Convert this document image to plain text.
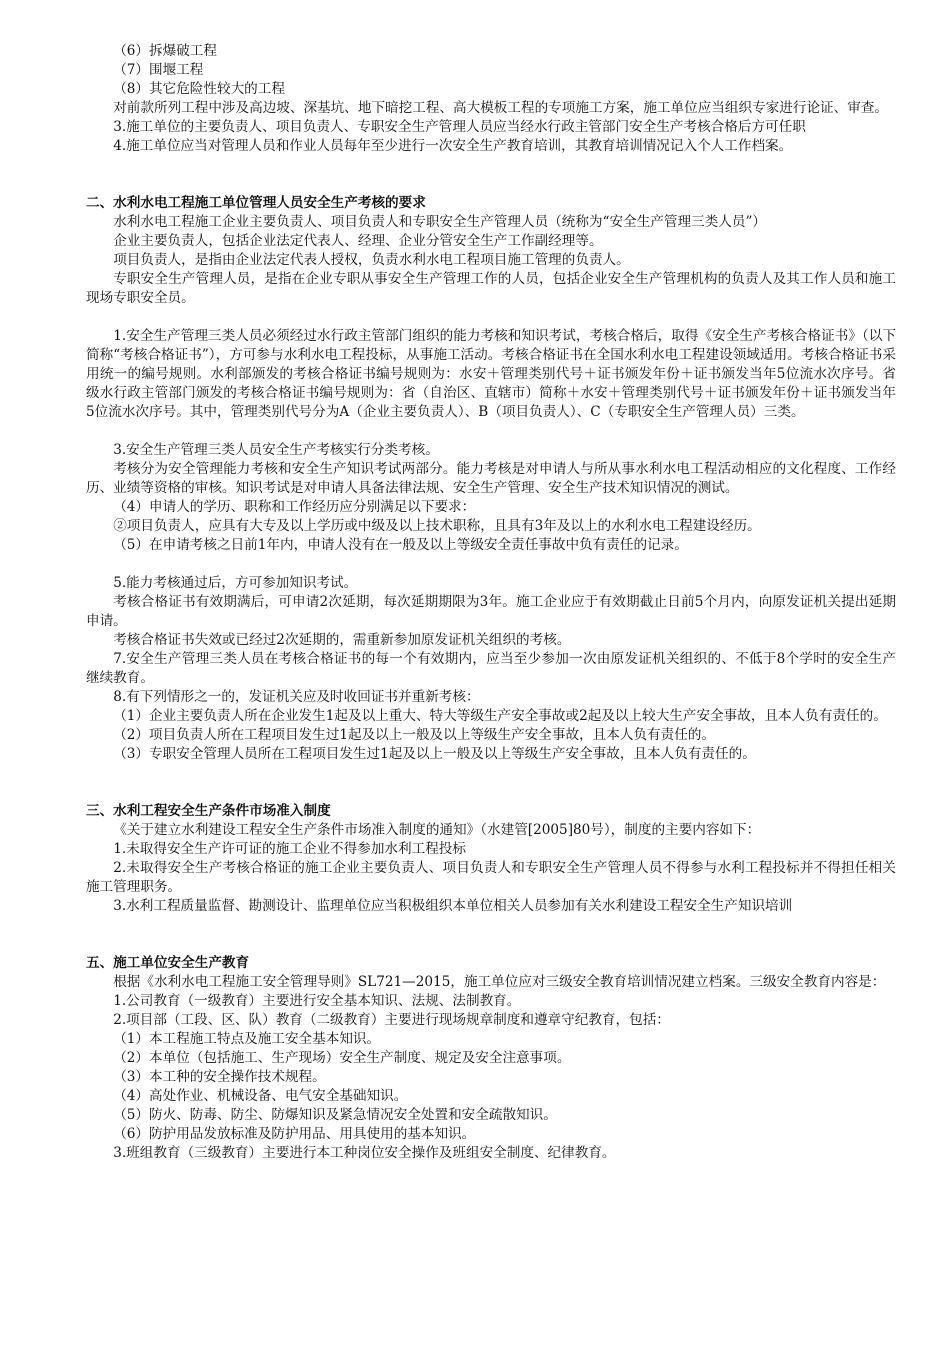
（6）拆爆破工程

（7）围堰工程

（8）其它危险性较大的工程

对前款所列工程中涉及高边坡、深基坑、地下暗挖工程、高大模板工程的专项施工方案，施工单位应当组织专家进行论证、审查。

3.施工单位的主要负责人、项目负责人、专职安全生产管理人员应当经水行政主管部门安全生产考核合格后方可任职

4.施工单位应当对管理人员和作业人员每年至少进行一次安全生产教育培训，其教育培训情况记入个人工作档案。

二、水利水电工程施工单位管理人员安全生产考核的要求

水利水电工程施工企业主要负责人、项目负责人和专职安全生产管理人员（统称为“安全生产管理三类人员”）

企业主要负责人，包括企业法定代表人、经理、企业分管安全生产工作副经理等。

项目负责人，是指由企业法定代表人授权，负责水利水电工程项目施工管理的负责人。

专职安全生产管理人员，是指在企业专职从事安全生产管理工作的人员，包括企业安全生产管理机构的负责人及其工作人员和施工现场专职安全员。

1.安全生产管理三类人员必须经过水行政主管部门组织的能力考核和知识考试，考核合格后，取得《安全生产考核合格证书》（以下简称“考核合格证书”），方可参与水利水电工程投标，从事施工活动。考核合格证书在全国水利水电工程建设领域适用。考核合格证书采用统一的编号规则。水利部颁发的考核合格证书编号规则为：水安＋管理类别代号＋证书颁发年份＋证书颁发当年5位流水次序号。省级水行政主管部门颁发的考核合格证书编号规则为：省（自治区、直辖市）简称＋水安＋管理类别代号＋证书颁发年份＋证书颁发当年5位流水次序号。其中，管理类别代号分为A（企业主要负责人）、B（项目负责人）、C（专职安全生产管理人员）三类。

3.安全生产管理三类人员安全生产考核实行分类考核。

考核分为安全管理能力考核和安全生产知识考试两部分。能力考核是对申请人与所从事水利水电工程活动相应的文化程度、工作经历、业绩等资格的审核。知识考试是对申请人具备法律法规、安全生产管理、安全生产技术知识情况的测试。

（4）申请人的学历、职称和工作经历应分别满足以下要求：

②项目负责人，应具有大专及以上学历或中级及以上技术职称，且具有3年及以上的水利水电工程建设经历。

（5）在申请考核之日前1年内，申请人没有在一般及以上等级安全责任事故中负有责任的记录。

5.能力考核通过后，方可参加知识考试。

考核合格证书有效期满后，可申请2次延期，每次延期期限为3年。施工企业应于有效期截止日前5个月内，向原发证机关提出延期申请。

考核合格证书失效或已经过2次延期的，需重新参加原发证机关组织的考核。

7.安全生产管理三类人员在考核合格证书的每一个有效期内，应当至少参加一次由原发证机关组织的、不低于8个学时的安全生产继续教育。

8.有下列情形之一的，发证机关应及时收回证书并重新考核：

（1）企业主要负责人所在企业发生1起及以上重大、特大等级生产安全事故或2起及以上较大生产安全事故，且本人负有责任的。

（2）项目负责人所在工程项目发生过1起及以上一般及以上等级生产安全事故，且本人负有责任的。

（3）专职安全管理人员所在工程项目发生过1起及以上一般及以上等级生产安全事故，且本人负有责任的。

三、水利工程安全生产条件市场准入制度

《关于建立水利建设工程安全生产条件市场准入制度的通知》（水建管[2005]80号），制度的主要内容如下：

1.未取得安全生产许可证的施工企业不得参加水利工程投标

2.未取得安全生产考核合格证的施工企业主要负责人、项目负责人和专职安全生产管理人员不得参与水利工程投标并不得担任相关施工管理职务。

3.水利工程质量监督、勘测设计、监理单位应当积极组织本单位相关人员参加有关水利建设工程安全生产知识培训

五、施工单位安全生产教育

根据《水利水电工程施工安全管理导则》SL721—2015，施工单位应对三级安全教育培训情况建立档案。三级安全教育内容是：

1.公司教育（一级教育）主要进行安全基本知识、法规、法制教育。

2.项目部（工段、区、队）教育（二级教育）主要进行现场规章制度和遵章守纪教育，包括：

（1）本工程施工特点及施工安全基本知识。

（2）本单位（包括施工、生产现场）安全生产制度、规定及安全注意事项。

（3）本工种的安全操作技术规程。

（4）高处作业、机械设备、电气安全基础知识。

（5）防火、防毒、防尘、防爆知识及紧急情况安全处置和安全疏散知识。

（6）防护用品发放标准及防护用品、用具使用的基本知识。

3.班组教育（三级教育）主要进行本工种岗位安全操作及班组安全制度、纪律教育。
